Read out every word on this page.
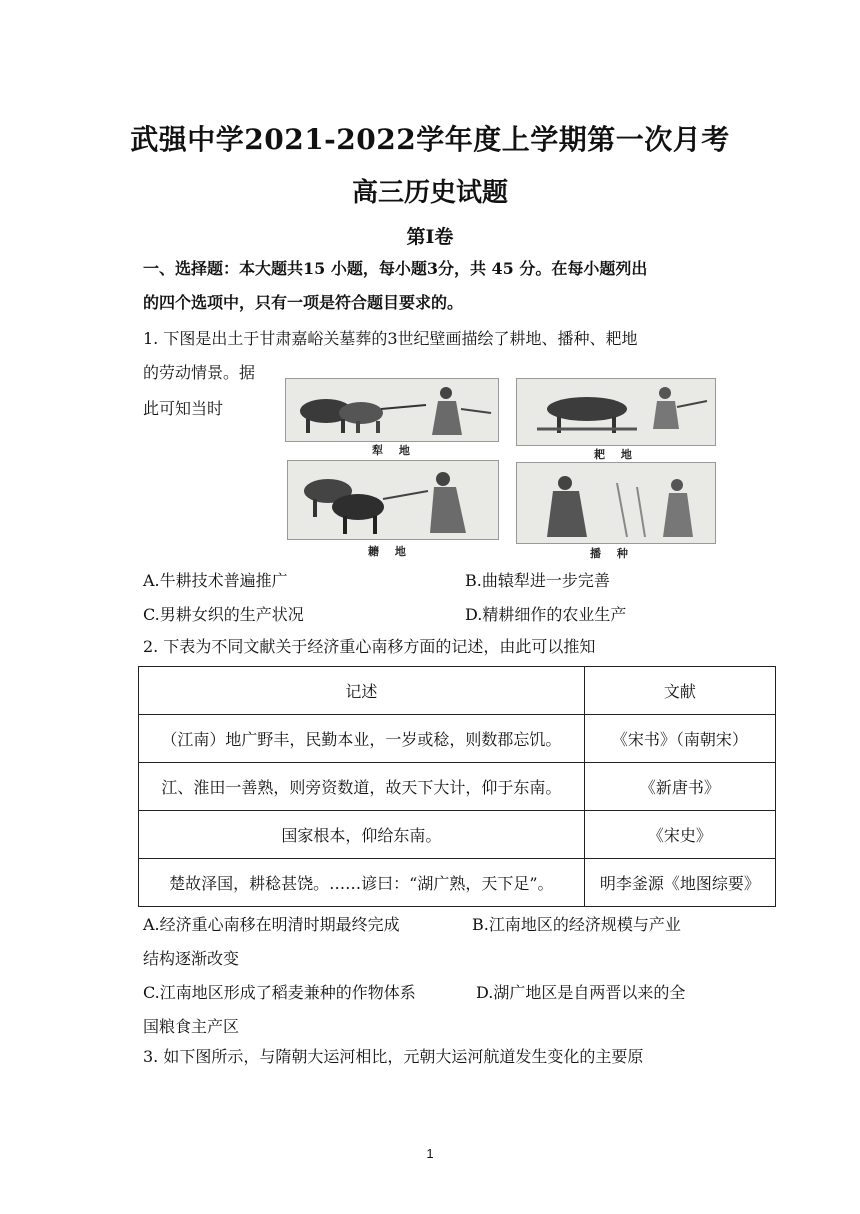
武强中学2021-2022学年度上学期第一次月考
高三历史试题
第Ⅰ卷
一、选择题：本大题共15 小题，每小题3分，共 45 分。在每小题列出
的四个选项中，只有一项是符合题目要求的。
1. 下图是出土于甘肃嘉峪关墓葬的3世纪壁画描绘了耕地、播种、耙地
的劳动情景。据
此可知当时
犁 地	耙 地
耱 地	播 种
A.牛耕技术普遍推广	B.曲辕犁进一步完善
C.男耕女织的生产状况	D.精耕细作的农业生产
2. 下表为不同文献关于经济重心南移方面的记述，由此可以推知
记述	文献
（江南）地广野丰，民勤本业，一岁或稔，则数郡忘饥。	《宋书》（南朝宋）
江、淮田一善熟，则旁资数道，故天下大计，仰于东南。	《新唐书》
国家根本，仰给东南。	《宋史》
楚故泽国，耕稔甚饶。……谚曰：“湖广熟，天下足”。	明李釜源《地图综要》
A.经济重心南移在明清时期最终完成	B.江南地区的经济规模与产业
结构逐渐改变
C.江南地区形成了稻麦兼种的作物体系	D.湖广地区是自两晋以来的全
国粮食主产区
3. 如下图所示，与隋朝大运河相比，元朝大运河航道发生变化的主要原
1
